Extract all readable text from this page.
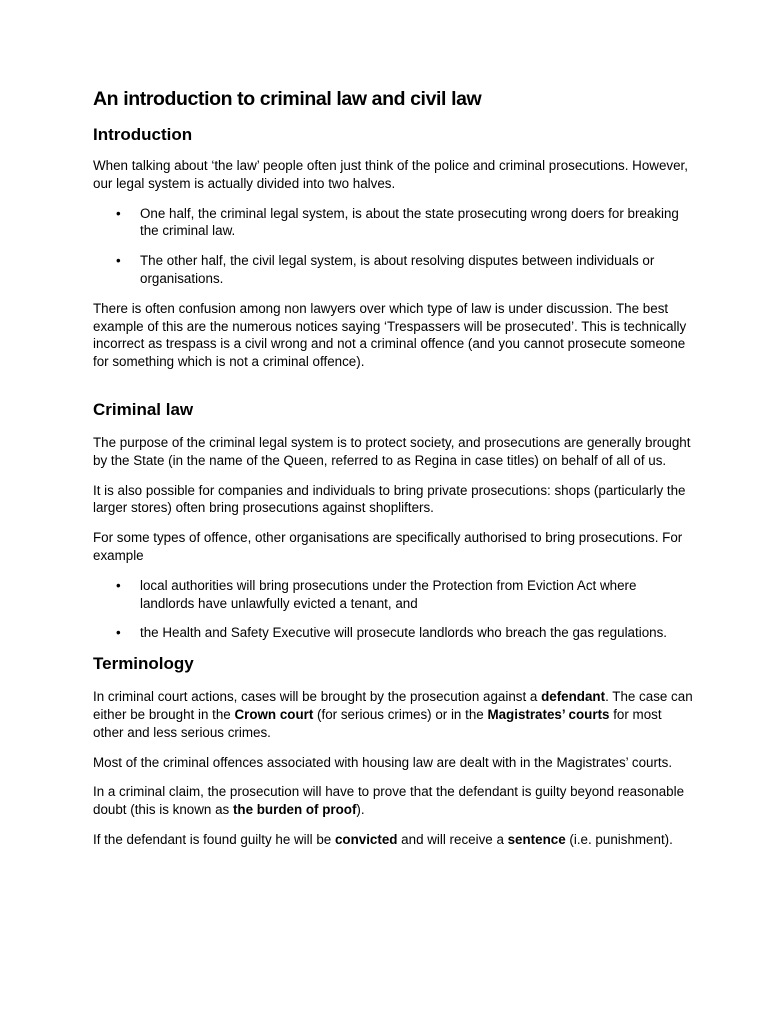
An introduction to criminal law and civil law
Introduction

When talking about ‘the law’ people often just think of the police and criminal prosecutions. However, our legal system is actually divided into two halves.

• One half, the criminal legal system, is about the state prosecuting wrong doers for breaking the criminal law.
• The other half, the civil legal system, is about resolving disputes between individuals or organisations.

There is often confusion among non lawyers over which type of law is under discussion. The best example of this are the numerous notices saying ‘Trespassers will be prosecuted’. This is technically incorrect as trespass is a civil wrong and not a criminal offence (and you cannot prosecute someone for something which is not a criminal offence).

Criminal law

The purpose of the criminal legal system is to protect society, and prosecutions are generally brought by the State (in the name of the Queen, referred to as Regina in case titles) on behalf of all of us.

It is also possible for companies and individuals to bring private prosecutions: shops (particularly the larger stores) often bring prosecutions against shoplifters.

For some types of offence, other organisations are specifically authorised to bring prosecutions. For example

• local authorities will bring prosecutions under the Protection from Eviction Act where landlords have unlawfully evicted a tenant, and
• the Health and Safety Executive will prosecute landlords who breach the gas regulations.
Terminology

In criminal court actions, cases will be brought by the prosecution against a defendant. The case can either be brought in the Crown court (for serious crimes) or in the Magistrates’ courts for most other and less serious crimes.

Most of the criminal offences associated with housing law are dealt with in the Magistrates’ courts.

In a criminal claim, the prosecution will have to prove that the defendant is guilty beyond reasonable doubt (this is known as the burden of proof).

If the defendant is found guilty he will be convicted and will receive a sentence (i.e. punishment).
